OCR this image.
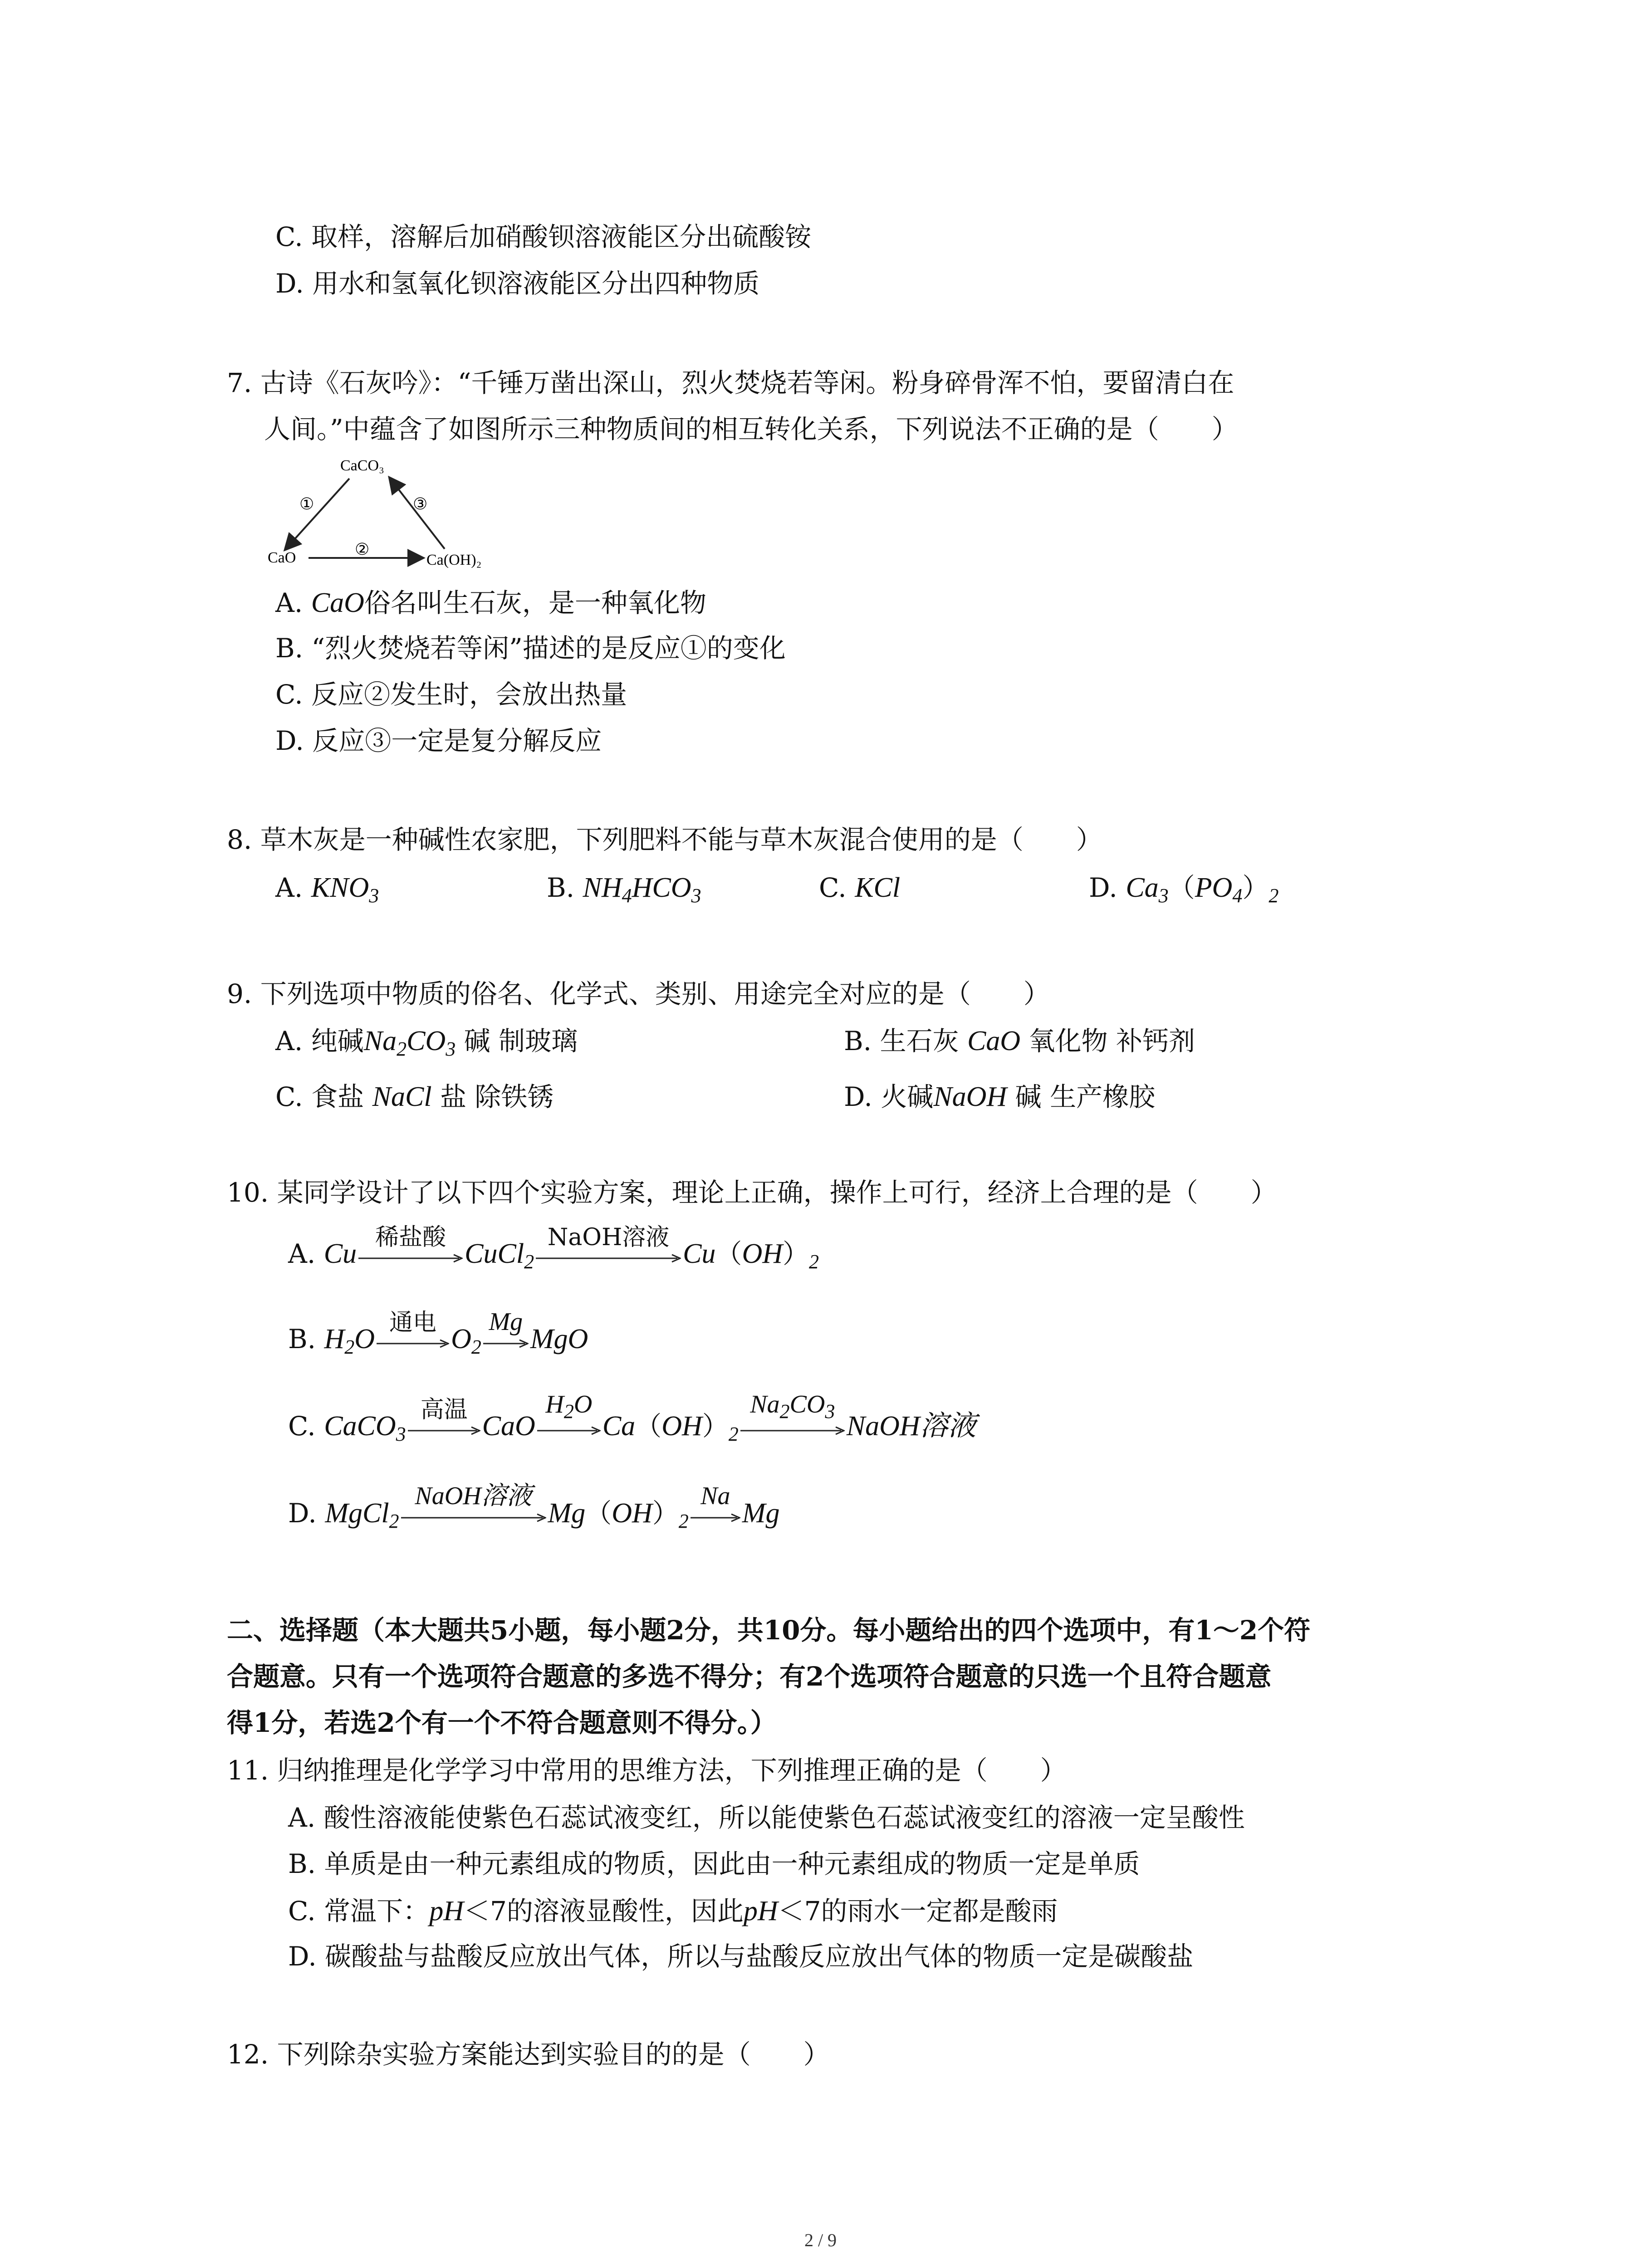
C. 取样，溶解后加硝酸钡溶液能区分出硫酸铵
D. 用水和氢氧化钡溶液能区分出四种物质
7. 古诗《石灰吟》：“千锤万凿出深山，烈火焚烧若等闲。粉身碎骨浑不怕，要留清白在
人间。”中蕴含了如图所示三种物质间的相互转化关系，下列说法不正确的是（　　）
CaCO₃
CaO	Ca(OH)₂
①
②
③
A. CaO俗名叫生石灰，是一种氧化物
B. “烈火焚烧若等闲”描述的是反应①的变化
C. 反应②发生时，会放出热量
D. 反应③一定是复分解反应
8. 草木灰是一种碱性农家肥，下列肥料不能与草木灰混合使用的是（　　）
A. $KNO_3$	B. $NH_4HCO_3$	C. KCl	D. $Ca_3(PO_4)_2$
9. 下列选项中物质的俗名、化学式、类别、用途完全对应的是（　　）
A. 纯碱$Na_2CO_3$ 碱 制玻璃	B. 生石灰 CaO 氧化物 补钙剂
C. 食盐 NaCl 盐 除铁锈	D. 火碱NaOH 碱 生产橡胶
10. 某同学设计了以下四个实验方案，理论上正确，操作上可行，经济上合理的是（　　）
A. Cu
稀盐酸
CuCl$_2$
NaOH溶液
$Cu(OH)_2$
B. $H_2O$
通电
$O_2$
Mg
MgO
C. CaCO$_3$
高温
CaO
$H_2O$
$Ca(OH)_2$
$Na_2CO_3$ NaOH溶液
D. MgCl$_2$
NaOH溶液
$Mg(OH)_2$
Na
Mg
二、选择题（本大题共5小题，每小题2分，共10分。每小题给出的四个选项中，有1～2个符
合题意。只有一个选项符合题意的多选不得分；有2个选项符合题意的只选一个且符合题意
得1分，若选2个有一个不符合题意则不得分。）
11. 归纳推理是化学学习中常用的思维方法，下列推理正确的是（　　）
A. 酸性溶液能使紫色石蕊试液变红，所以能使紫色石蕊试液变红的溶液一定呈酸性
B. 单质是由一种元素组成的物质，因此由一种元素组成的物质一定是单质
C. 常温下：pH＜7的溶液显酸性，因此pH＜7的雨水一定都是酸雨
D. 碳酸盐与盐酸反应放出气体，所以与盐酸反应放出气体的物质一定是碳酸盐
12. 下列除杂实验方案能达到实验目的的是（　　）
2 / 9
